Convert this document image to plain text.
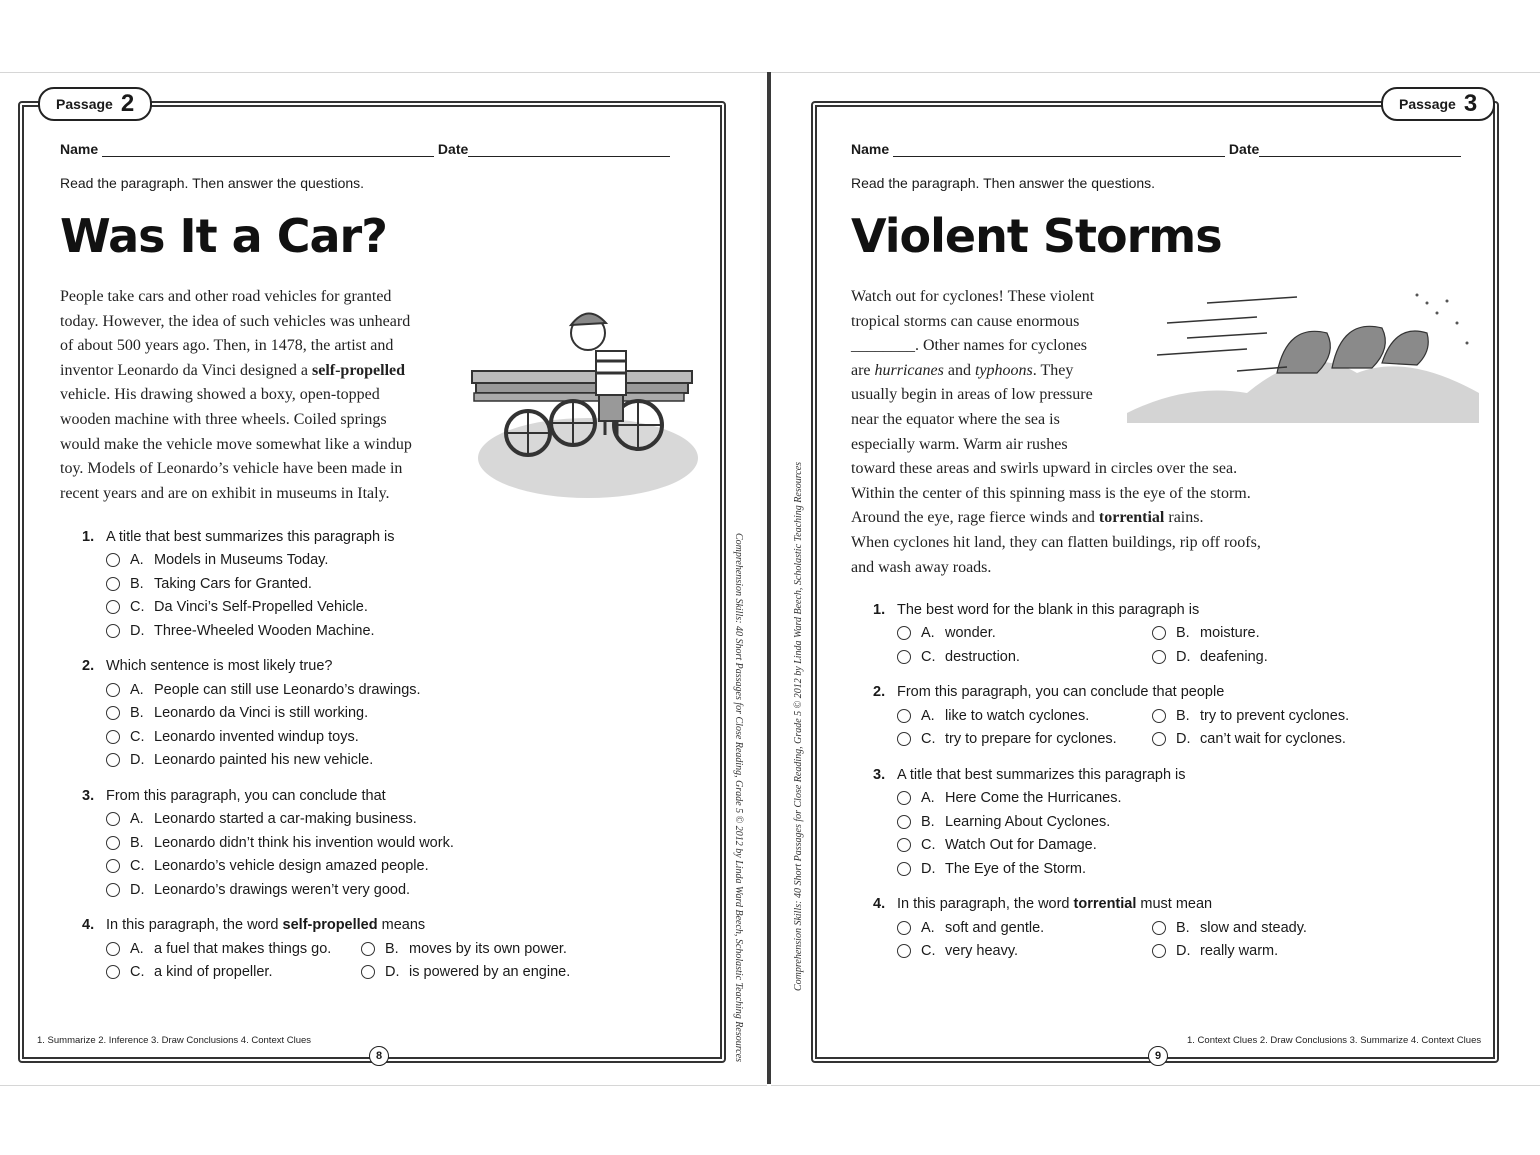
Passage 2
Name	Date
Read the paragraph. Then answer the questions.
Was It a Car?
People take cars and other road vehicles for granted
today. However, the idea of such vehicles was unheard
of about 500 years ago. Then, in 1478, the artist and
inventor Leonardo da Vinci designed a self-propelled
vehicle. His drawing showed a boxy, open-topped
wooden machine with three wheels. Coiled springs
would make the vehicle move somewhat like a windup
toy. Models of Leonardo’s vehicle have been made in
recent years and are on exhibit in museums in Italy.
1. A title that best summarizes this paragraph is
A. Models in Museums Today.
B. Taking Cars for Granted.
C. Da Vinci’s Self-Propelled Vehicle.
D. Three-Wheeled Wooden Machine.
2. Which sentence is most likely true?
A. People can still use Leonardo’s drawings.
B. Leonardo da Vinci is still working.
C. Leonardo invented windup toys.
D. Leonardo painted his new vehicle.
3. From this paragraph, you can conclude that
A. Leonardo started a car-making business.
B. Leonardo didn’t think his invention would work.
C. Leonardo’s vehicle design amazed people.
D. Leonardo’s drawings weren’t very good.
4. In this paragraph, the word self-propelled means
A. a fuel that makes things go.	B. moves by its own power.
C. a kind of propeller.	D. is powered by an engine.
1. Summarize 2. Inference 3. Draw Conclusions 4. Context Clues
8	Comprehension Skills: 40 Short Passages for Close Reading, Grade 5 © 2012 by Linda Ward Beech, Scholastic Teaching Resources
Passage 3
Name	Date
Read the paragraph. Then answer the questions.
Violent Storms
Watch out for cyclones! These violent
tropical storms can cause enormous
________. Other names for cyclones
are hurricanes and typhoons. They
usually begin in areas of low pressure
near the equator where the sea is
especially warm. Warm air rushes
toward these areas and swirls upward in circles over the sea.
Within the center of this spinning mass is the eye of the storm.
Around the eye, rage fierce winds and torrential rains.
When cyclones hit land, they can flatten buildings, rip off roofs,
and wash away roads.
1. The best word for the blank in this paragraph is
A. wonder.	B. moisture.
C. destruction.	D. deafening.
2. From this paragraph, you can conclude that people
A. like to watch cyclones.	B. try to prevent cyclones.
C. try to prepare for cyclones.	D. can’t wait for cyclones.
3. A title that best summarizes this paragraph is
A. Here Come the Hurricanes.
B. Learning About Cyclones.
C. Watch Out for Damage.
D. The Eye of the Storm.
4. In this paragraph, the word torrential must mean
A. soft and gentle.	B. slow and steady.
C. very heavy.	D. really warm.
1. Context Clues 2. Draw Conclusions 3. Summarize 4. Context Clues
9
Comprehension Skills: 40 Short Passages for Close Reading, Grade 5 © 2012 by Linda Ward Beech, Scholastic Teaching Resources
